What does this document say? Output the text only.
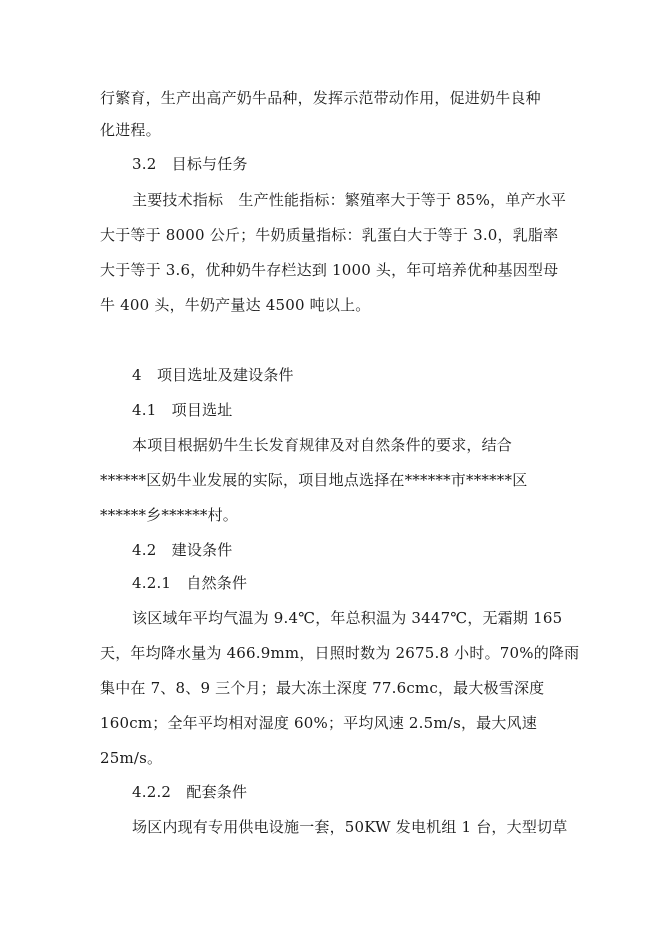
行繁育，生产出高产奶牛品种，发挥示范带动作用，促进奶牛良种
化进程。
3.2　目标与任务
主要技术指标　生产性能指标：繁殖率大于等于 85%，单产水平
大于等于 8000 公斤；牛奶质量指标：乳蛋白大于等于 3.0，乳脂率
大于等于 3.6，优种奶牛存栏达到 1000 头，年可培养优种基因型母
牛 400 头，牛奶产量达 4500 吨以上。
4　项目选址及建设条件
4.1　项目选址
本项目根据奶牛生长发育规律及对自然条件的要求，结合
******区奶牛业发展的实际，项目地点选择在******市******区
******乡******村。
4.2　建设条件
4.2.1　自然条件
该区域年平均气温为 9.4℃，年总积温为 3447℃，无霜期 165
天，年均降水量为 466.9mm，日照时数为 2675.8 小时。70%的降雨
集中在 7、8、9 三个月；最大冻土深度 77.6cmc，最大极雪深度
160cm；全年平均相对湿度 60%；平均风速 2.5m/s，最大风速
25m/s。
4.2.2　配套条件
场区内现有专用供电设施一套，50KW 发电机组 1 台，大型切草
